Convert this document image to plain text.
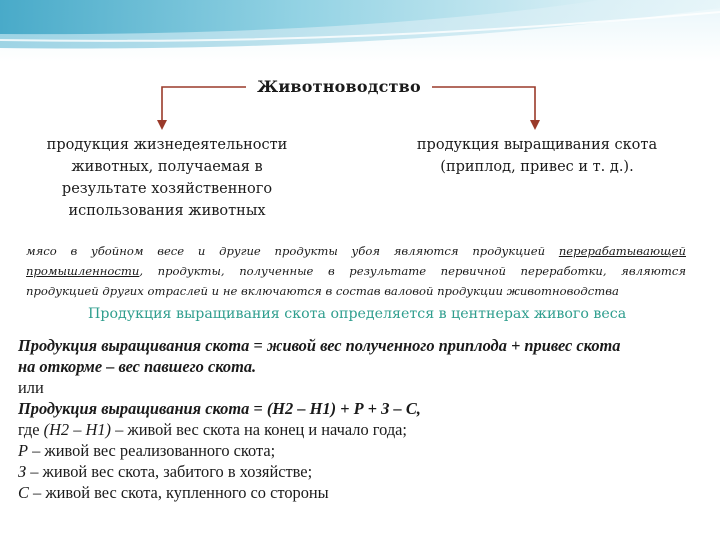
Животноводство
продукция жизнедеятельности
животных, получаемая в
результате хозяйственного
использования животных
продукция выращивания скота
(приплод, привес и т. д.).
мясо в убойном весе и другие продукты убоя являются продукцией перерабатывающей промышленности, продукты, полученные в результате первичной переработки, являются продукцией других отраслей и не включаются в состав валовой продукции животноводства
Продукция выращивания скота определяется в центнерах живого веса
Продукция выращивания скота = живой вес полученного приплода + привес скота
на откорме – вес павшего скота.
или
Продукция выращивания скота = (Н2 – Н1) + Р + З – С,
где (Н2 – Н1) – живой вес скота на конец и начало года;
Р – живой вес реализованного скота;
З – живой вес скота, забитого в хозяйстве;
С – живой вес скота, купленного со стороны
